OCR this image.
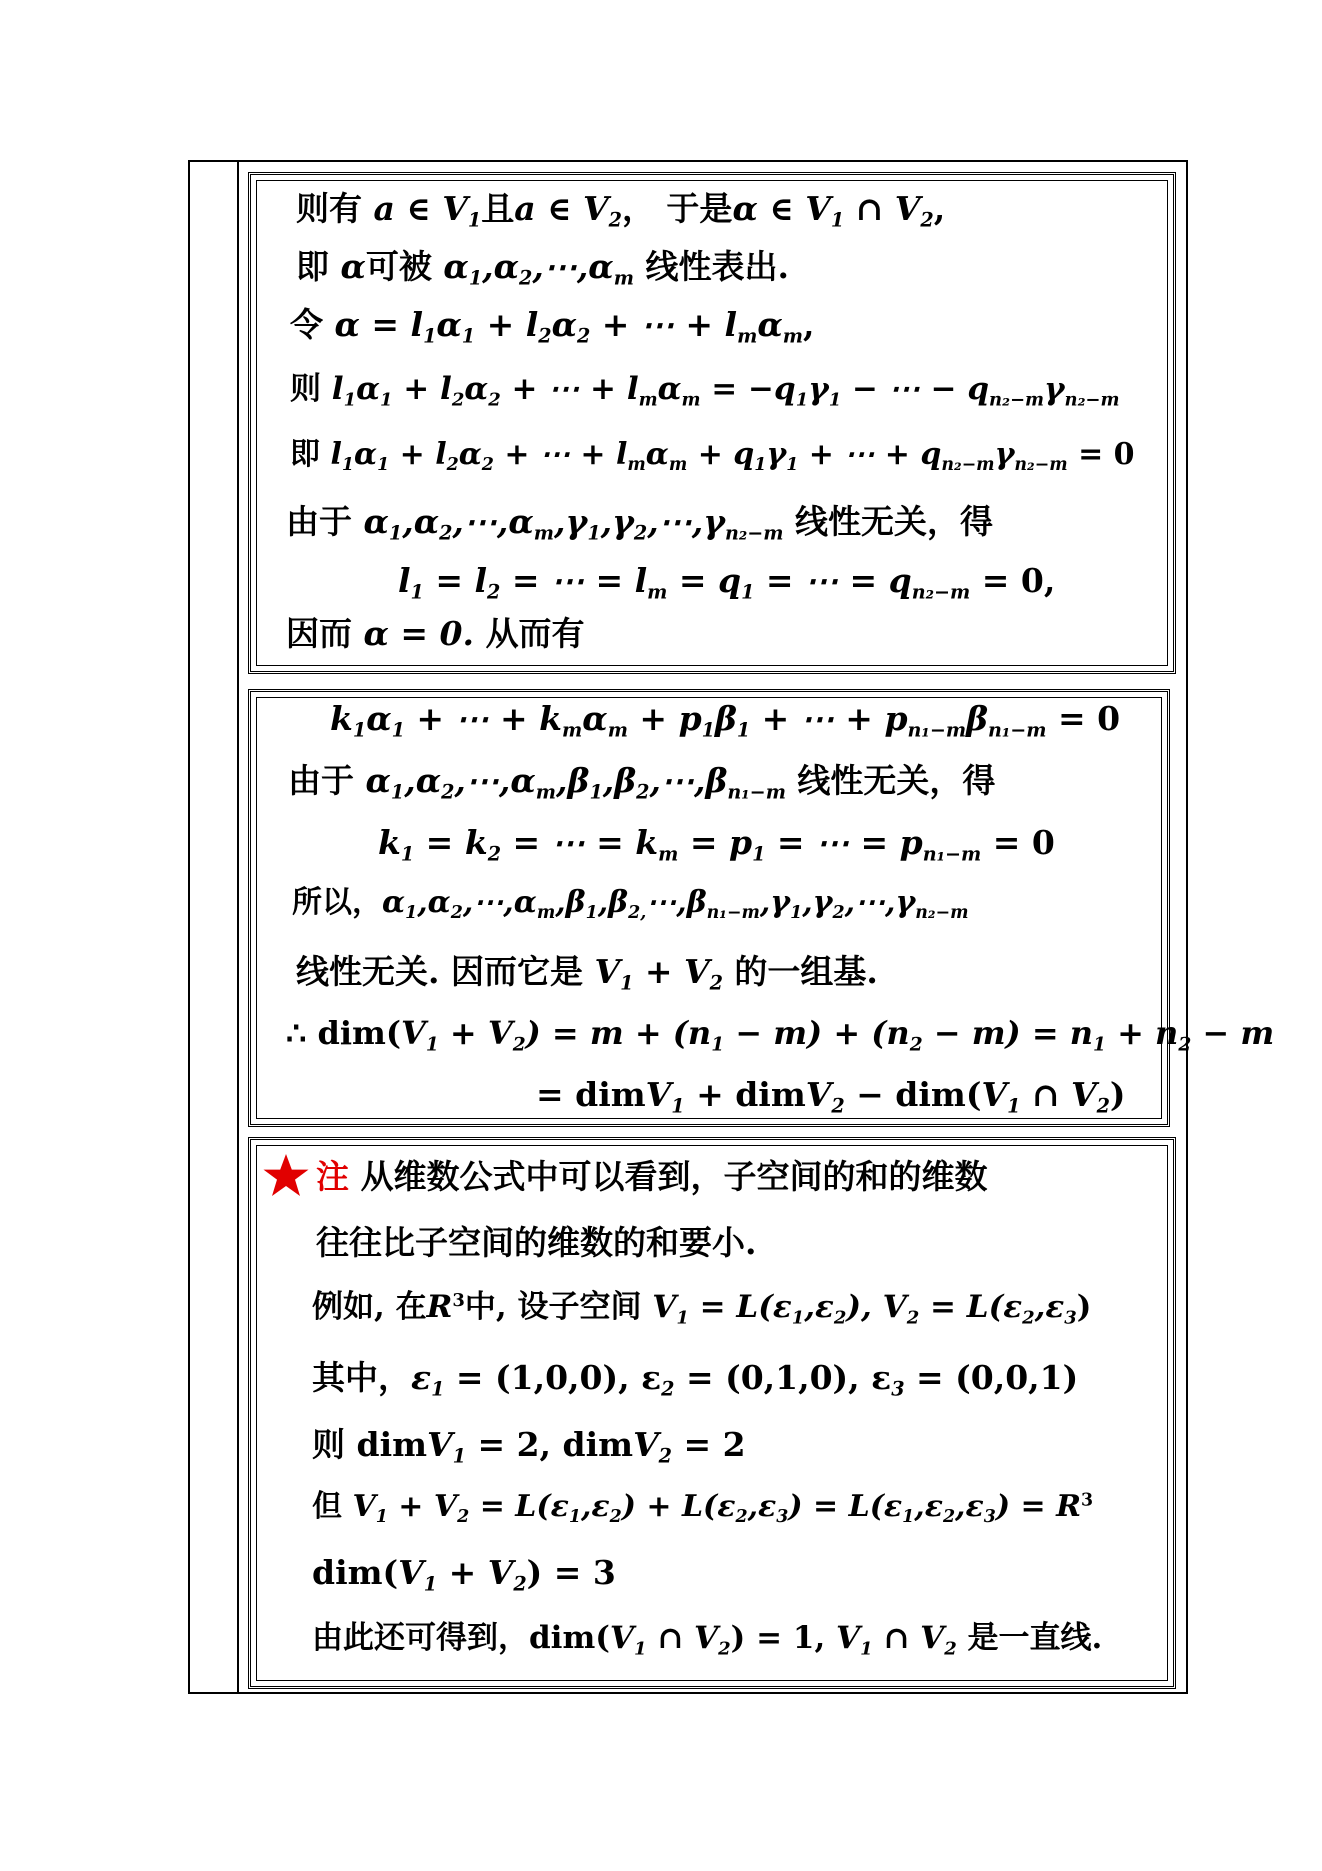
则有 a ∈ $V_1$且a ∈ $V_2$， 于是α ∈ $V_1$ ∩ $V_2$,
即 α可被 $\alpha_1,\alpha_2,\cdots,\alpha_m$ 线性表出.
令 $\alpha = l_1\alpha_1 + l_2\alpha_2$ + ⋯ + $l_m\alpha_m$,
则 $l_1\alpha_1 + l_2\alpha_2$ + ⋯ + $l_m\alpha_m = -q_1\gamma_1$ − ⋯ − $q_{n_2-m}\gamma_{n_2-m}$
即 $l_1\alpha_1 + l_2\alpha_2$ + ⋯ + $l_m\alpha_m + q_1\gamma_1$ + ⋯ + $q_{n_2-m}\gamma_{n_2-m} = 0$
由于 $\alpha_1,\alpha_2,\cdots,\alpha_m,\gamma_1,\gamma_2,\cdots,\gamma_{n_2-m}$ 线性无关，得
$l_1 = l_2$ = ⋯ = $l_m = q_1$ = ⋯ = $q_{n_2-m} = 0$,
因而 α = 0. 从而有
$k_1\alpha_1$ + ⋯ + $k_m\alpha_m + p_1\beta_1$ + ⋯ + $p_{n_1-m}\beta_{n_1-m} = 0$
由于 $\alpha_1,\alpha_2,\cdots,\alpha_m,\beta_1,\beta_2,\cdots,\beta_{n_1-m}$ 线性无关，得
$k_1 = k_2$ = ⋯ = $k_m = p_1$ = ⋯ = $p_{n_1-m} = 0$
所以，$\alpha_1,\alpha_2,\cdots,\alpha_m,\beta_1,\beta_{2,}\cdots,\beta_{n_1-m},\gamma_1,\gamma_2,\cdots,\gamma_{n_2-m}$
线性无关. 因而它是 $V_1 + V_2$ 的一组基.
∴ $dim(V_1 + V_2) = m + (n_1 - m) + (n_2 - m) = n_1 + n_2 - m$
= dimV$_1$ + dimV$_2$ − $dim(V_1$ ∩ $V_2$)
注 从维数公式中可以看到，子空间的和的维数
往往比子空间的维数的和要小.
例如, 在$R^3$中, 设子空间 $V_1 = L(\varepsilon_1,\varepsilon_2)$, $V_2 = L(\varepsilon_2,\varepsilon_3)$
其中，$\varepsilon_1 = (1,0,0)$, $\varepsilon_2 = (0,1,0)$, $\varepsilon_3 = (0,0,1)$
则 dimV$_1$ = 2, dimV$_2$ = 2
但 $V_1 + V_2 = L(\varepsilon_1,\varepsilon_2) + L(\varepsilon_2,\varepsilon_3) = L(\varepsilon_1,\varepsilon_2,\varepsilon_3) = R^3$
$dim(V_1 + V_2) = 3$
由此还可得到，$dim(V_1$ ∩ $V_2) = 1$, $V_1$ ∩ $V_2$ 是一直线.
